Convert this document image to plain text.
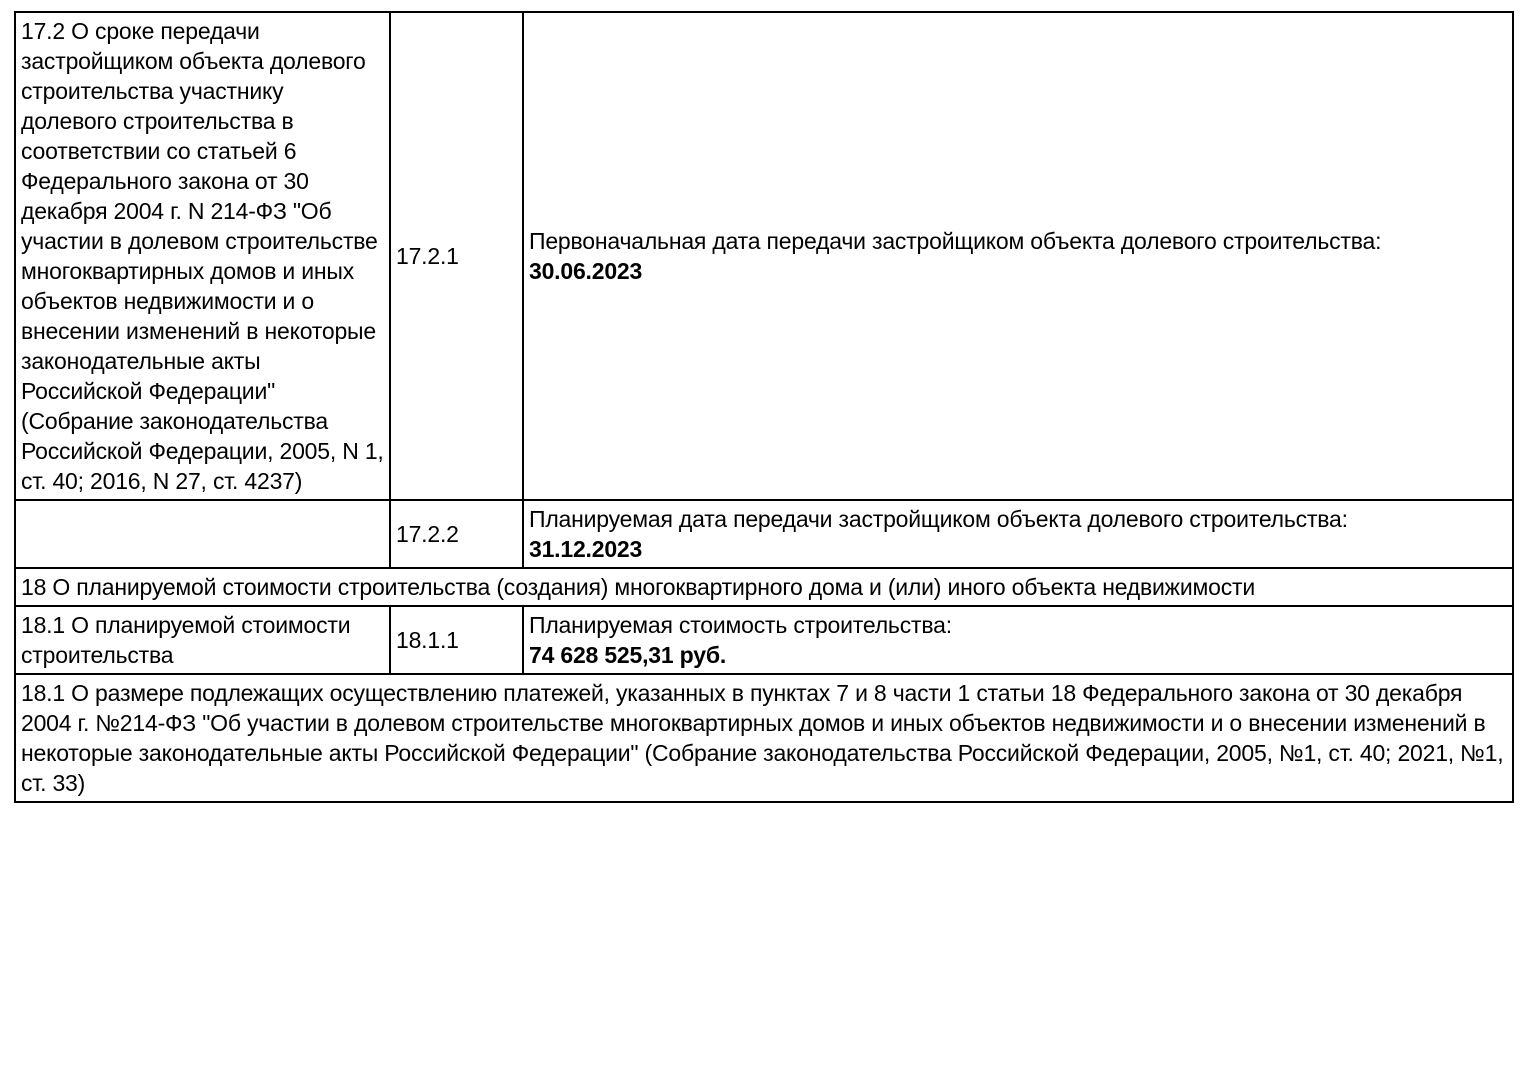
17.2 О сроке передачи застройщиком объекта долевого строительства участнику долевого строительства в соответствии со статьей 6 Федерального закона от 30 декабря 2004 г. N 214-ФЗ "Об участии в долевом строительстве многоквартирных домов и иных объектов недвижимости и о внесении изменений в некоторые законодательные акты Российской Федерации" (Собрание законодательства Российской Федерации, 2005, N 1, ст. 40; 2016, N 27, ст. 4237)	17.2.1	Первоначальная дата передачи застройщиком объекта долевого строительства:
30.06.2023

	17.2.2	Планируемая дата передачи застройщиком объекта долевого строительства:
31.12.2023

18 О планируемой стоимости строительства (создания) многоквартирного дома и (или) иного объекта недвижимости		
18.1 О планируемой стоимости строительства	18.1.1	Планируемая стоимость строительства:
74 628 525,31 руб.

18.1 О размере подлежащих осуществлению платежей, указанных в пунктах 7 и 8 части 1 статьи 18 Федерального закона от 30 декабря 2004 г. №214-ФЗ "Об участии в долевом строительстве многоквартирных домов и иных объектов недвижимости и о внесении изменений в некоторые законодательные акты Российской Федерации" (Собрание законодательства Российской Федерации, 2005, №1, ст. 40; 2021, №1, ст. 33)		
